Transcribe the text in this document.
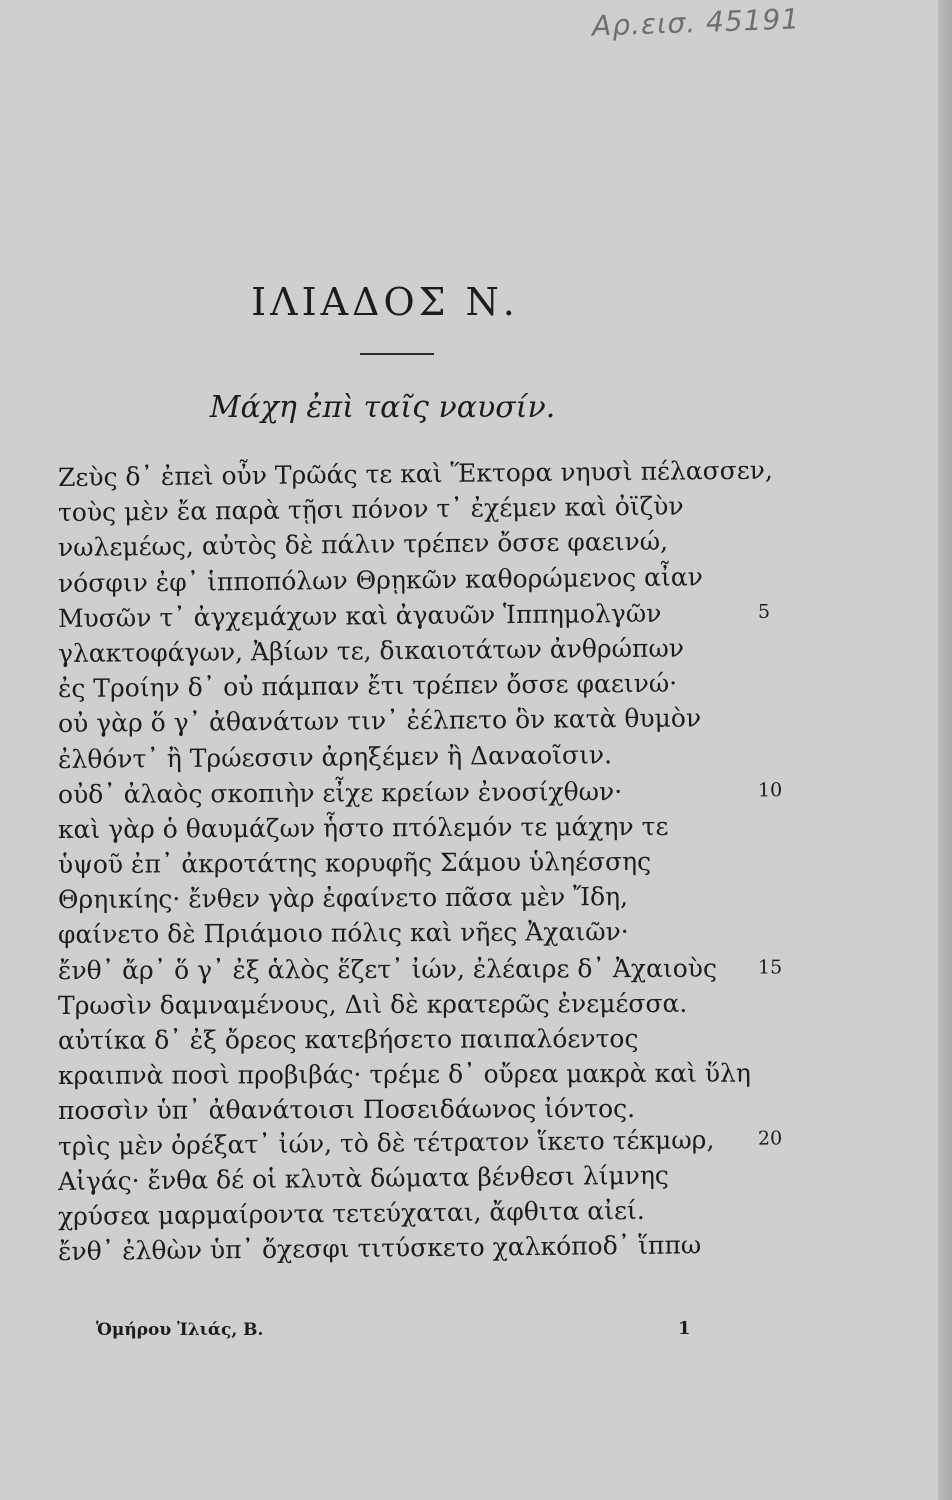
Αρ.εισ. 45191
ΙΛΙΑΔΟΣ Ν.
Μάχη ἐπὶ ταῖς ναυσίν.
Ζεὺς δ᾽ ἐπεὶ οὖν Τρῶάς τε καὶ Ἕκτορα νηυσὶ πέλασσεν,
τοὺς μὲν ἔα παρὰ τῇσι πόνον τ᾽ ἐχέμεν καὶ ὀϊζὺν
νωλεμέως, αὐτὸς δὲ πάλιν τρέπεν ὄσσε φαεινώ,
νόσφιν ἐφ᾽ ἱπποπόλων Θρῃκῶν καθορώμενος αἶαν
Μυσῶν τ᾽ ἀγχεμάχων καὶ ἀγαυῶν Ἱππημολγῶν	5
γλακτοφάγων, Ἀβίων τε, δικαιοτάτων ἀνθρώπων
ἐς Τροίην δ᾽ οὐ πάμπαν ἔτι τρέπεν ὄσσε φαεινώ·
οὐ γὰρ ὅ γ᾽ ἀθανάτων τιν᾽ ἐέλπετο ὃν κατὰ θυμὸν
ἐλθόντ᾽ ἢ Τρώεσσιν ἀρηξέμεν ἢ Δαναοῖσιν.
οὐδ᾽ ἀλαὸς σκοπιὴν εἶχε κρείων ἐνοσίχθων·	10
καὶ γὰρ ὁ θαυμάζων ἧστο πτόλεμόν τε μάχην τε
ὑψοῦ ἐπ᾽ ἀκροτάτης κορυφῆς Σάμου ὑληέσσης
Θρηικίης· ἔνθεν γὰρ ἐφαίνετο πᾶσα μὲν Ἴδη,
φαίνετο δὲ Πριάμοιο πόλις καὶ νῆες Ἀχαιῶν·
ἔνθ᾽ ἄρ᾽ ὅ γ᾽ ἐξ ἁλὸς ἕζετ᾽ ἰών, ἐλέαιρε δ᾽ Ἀχαιοὺς 15
Τρωσὶν δαμναμένους, Διὶ δὲ κρατερῶς ἐνεμέσσα.
αὐτίκα δ᾽ ἐξ ὄρεος κατεβήσετο παιπαλόεντος
κραιπνὰ ποσὶ προβιβάς· τρέμε δ᾽ οὔρεα μακρὰ καὶ ὕλη
ποσσὶν ὑπ᾽ ἀθανάτοισι Ποσειδάωνος ἰόντος.
τρὶς μὲν ὀρέξατ᾽ ἰών, τὸ δὲ τέτρατον ἵκετο τέκμωρ, 20
Αἰγάς· ἔνθα δέ οἱ κλυτὰ δώματα βένθεσι λίμνης
χρύσεα μαρμαίροντα τετεύχαται, ἄφθιτα αἰεί.
ἔνθ᾽ ἐλθὼν ὑπ᾽ ὄχεσφι τιτύσκετο χαλκόποδ᾽ ἵππω
Ὁμήρου Ἰλιάς, Β.	1
